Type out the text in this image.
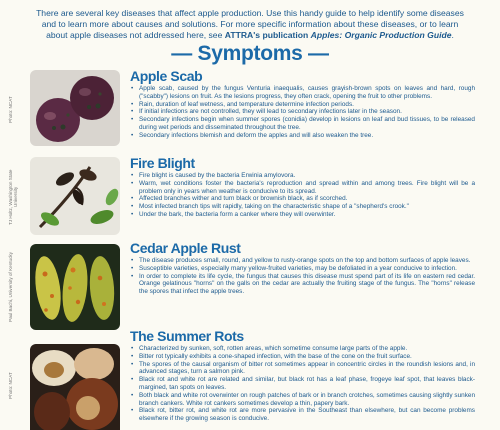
There are several key diseases that affect apple production. Use this handy guide to help identify some diseases and to learn more about causes and solutions. For more specific information about these diseases, or to learn about apple diseases not addressed here, see ATTRA's publication Apples: Organic Production Guide.
— Symptoms —
Photo: NCAT
Apple Scab
• Apple scab, caused by the fungus Venturia inaequalis, causes grayish-brown spots on leaves and hard, rough ("scabby") lesions on fruit. As the lesions progress, they often crack, opening the fruit to other problems.
• Rain, duration of leaf wetness, and temperature determine infection periods.
• If initial infections are not controlled, they will lead to secondary infections later in the season.
• Secondary infections begin when summer spores (conidia) develop in lesions on leaf and bud tissues, to be released during wet periods and disseminated throughout the tree.
• Secondary infections blemish and deform the apples and will also weaken the tree.
TJ Holtz, Washington State University
Fire Blight
• Fire blight is caused by the bacteria Erwinia amylovora.
• Warm, wet conditions foster the bacteria's reproduction and spread within and among trees. Fire blight will be a problem only in years when weather is conducive to its spread.
• Affected branches wither and turn black or brownish black, as if scorched.
• Most infected branch tips wilt rapidly, taking on the characteristic shape of a "shepherd's crook."
• Under the bark, the bacteria form a canker where they will overwinter.
Paul Bachi, University of Kentucky
Cedar Apple Rust
• The disease produces small, round, and yellow to rusty-orange spots on the top and bottom surfaces of apple leaves.
• Susceptible varieties, especially many yellow-fruited varieties, may be defoliated in a year conducive to infection.
• In order to complete its life cycle, the fungus that causes this disease must spend part of its life on eastern red cedar. Orange gelatinous "horns" on the galls on the cedar are actually the fruiting stage of the fungus. The "horns" release the spores that infect the apple trees.
Photo: NCAT
The Summer Rots
• Characterized by sunken, soft, rotten areas, which sometime consume large parts of the apple.
• Bitter rot typically exhibits a cone-shaped infection, with the base of the cone on the fruit surface.
• The spores of the causal organism of bitter rot sometimes appear in concentric circles in the roundish lesions and, in advanced stages, turn a salmon pink.
• Black rot and white rot are related and similar, but black rot has a leaf phase, frogeye leaf spot, that leaves black-margined, tan spots on leaves.
• Both black and white rot overwinter on rough patches of bark or in branch crotches, sometimes causing slightly sunken branch cankers. White rot cankers sometimes develop a thin, papery bark.
• Black rot, bitter rot, and white rot are more pervasive in the Southeast than elsewhere, but can become problems elsewhere if the growing season is conducive.
